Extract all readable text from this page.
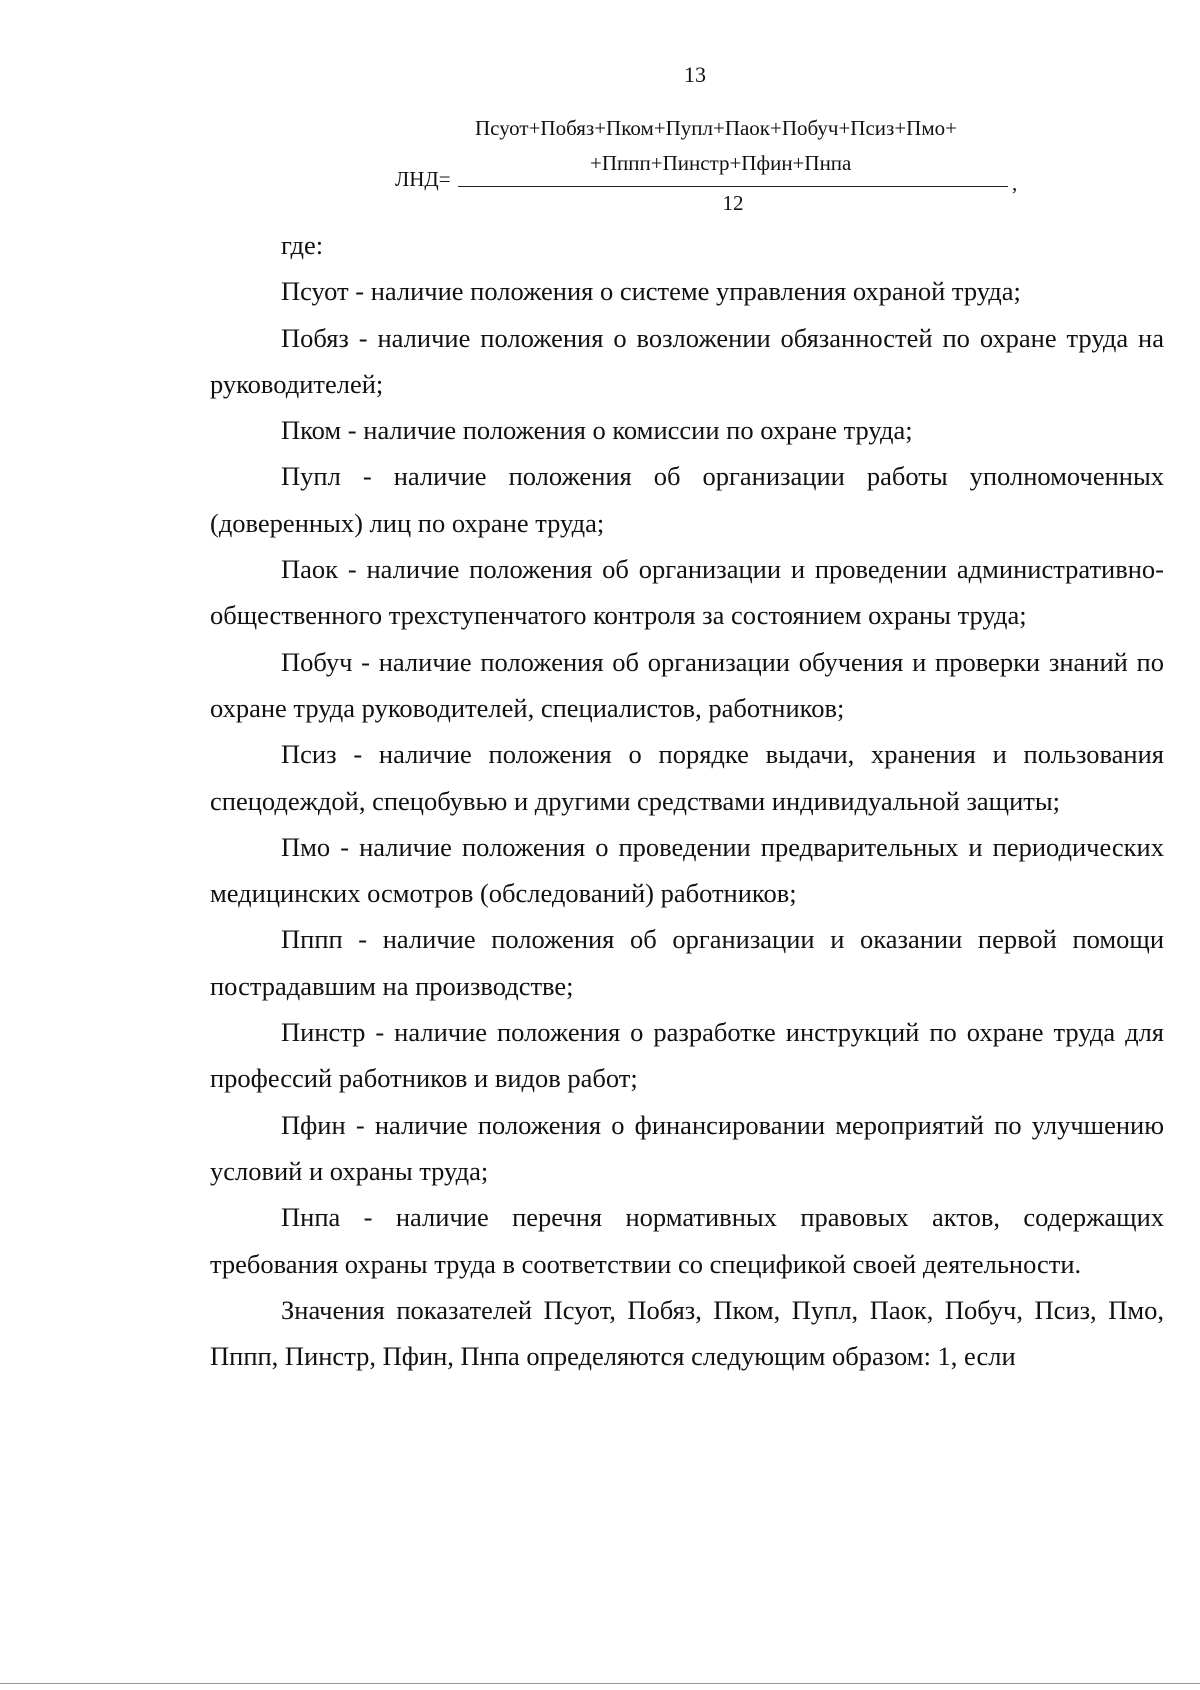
13
Псуот+Побяз+Пком+Пупл+Паок+Побуч+Псиз+Пмо+
+Пппп+Пинстр+Пфин+Пнпа
ЛНД=
12
,

где:

Псуот - наличие положения о системе управления охраной труда;

Побяз - наличие положения о возложении обязанностей по охране труда на руководителей;

Пком - наличие положения о комиссии по охране труда;

Пупл - наличие положения об организации работы уполномоченных (доверенных) лиц по охране труда;

Паок - наличие положения об организации и проведении административно-общественного трехступенчатого контроля за состоянием охраны труда;

Побуч - наличие положения об организации обучения и проверки знаний по охране труда руководителей, специалистов, работников;

Псиз - наличие положения о порядке выдачи, хранения и пользования спецодеждой, спецобувью и другими средствами индивидуальной защиты;

Пмо - наличие положения о проведении предварительных и периодических медицинских осмотров (обследований) работников;

Пппп - наличие положения об организации и оказании первой помощи пострадавшим на производстве;

Пинстр - наличие положения о разработке инструкций по охране труда для профессий работников и видов работ;

Пфин - наличие положения о финансировании мероприятий по улучшению условий и охраны труда;

Пнпа - наличие перечня нормативных правовых актов, содержащих требования охраны труда в соответствии со спецификой своей деятельности.

Значения показателей Псуот, Побяз, Пком, Пупл, Паок, Побуч, Псиз, Пмо, Пппп, Пинстр, Пфин, Пнпа определяются следующим образом: 1, если
